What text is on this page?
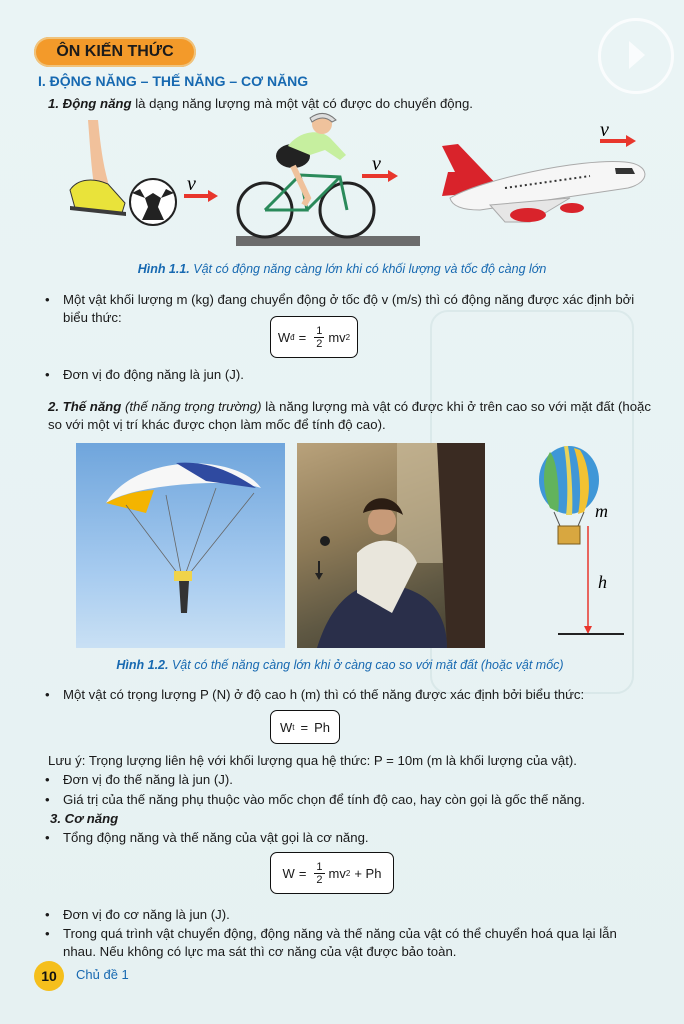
ÔN KIẾN THỨC
I. ĐỘNG NĂNG – THẾ NĂNG – CƠ NĂNG
1. Động năng là dạng năng lượng mà một vật có được do chuyển động.
v
v
v
Hình 1.1. Vật có động năng càng lớn khi có khối lượng và tốc độ càng lớn
• Một vật khối lượng m (kg) đang chuyển động ở tốc độ v (m/s) thì có động năng được xác định bởi
biểu thức:
W đ = $\frac{1}{2}$ mv 2
• Đơn vị đo động năng là jun (J).
2. Thế năng (thế năng trọng trường) là năng lượng mà vật có được khi ở trên cao so với mặt đất (hoặc
so với một vị trí khác được chọn làm mốc để tính độ cao).
m
h
Hình 1.2. Vật có thế năng càng lớn khi ở càng cao so với mặt đất (hoặc vật mốc)
• Một vật có trọng lượng P (N) ở độ cao h (m) thì có thế năng được xác định bởi biểu thức:
W t = Ph
Lưu ý: Trọng lượng liên hệ với khối lượng qua hệ thức: P = 10m (m là khối lượng của vật).
• Đơn vị đo thế năng là jun (J).
• Giá trị của thế năng phụ thuộc vào mốc chọn để tính độ cao, hay còn gọi là gốc thế năng.
3. Cơ năng
• Tổng động năng và thế năng của vật gọi là cơ năng.
$W = \frac{1}{2}$ mv 2 + Ph
• Đơn vị đo cơ năng là jun (J).
• Trong quá trình vật chuyển động, động năng và thế năng của vật có thể chuyển hoá qua lại lẫn
nhau. Nếu không có lực ma sát thì cơ năng của vật được bảo toàn.
10	Chủ đề 1
